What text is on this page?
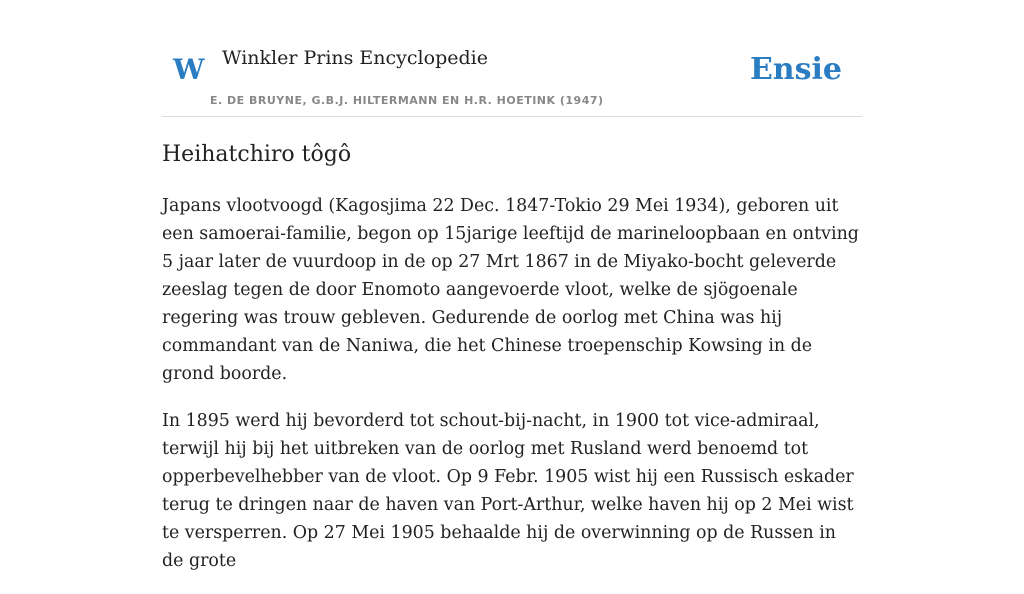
W Winkler Prins Encyclopedie
E. DE BRUYNE, G.B.J. HILTERMANN EN H.R. HOETINK (1947)
Ensie
Heihatchiro tôgô

Japans vlootvoogd (Kagosjima 22 Dec. 1847-Tokio 29 Mei 1934), geboren uit een samoerai-familie, begon op 15jarige leeftijd de marineloopbaan en ontving 5 jaar later de vuurdoop in de op 27 Mrt 1867 in de Miyako-bocht geleverde zeeslag tegen de door Enomoto aangevoerde vloot, welke de sjögoenale regering was trouw gebleven. Gedurende de oorlog met China was hij commandant van de Naniwa, die het Chinese troepenschip Kowsing in de grond boorde.

In 1895 werd hij bevorderd tot schout-bij-nacht, in 1900 tot vice-admiraal, terwijl hij bij het uitbreken van de oorlog met Rusland werd benoemd tot opperbevelhebber van de vloot. Op 9 Febr. 1905 wist hij een Russisch eskader terug te dringen naar de haven van Port-Arthur, welke haven hij op 2 Mei wist te versperren. Op 27 Mei 1905 behaalde hij de overwinning op de Russen in de grote
